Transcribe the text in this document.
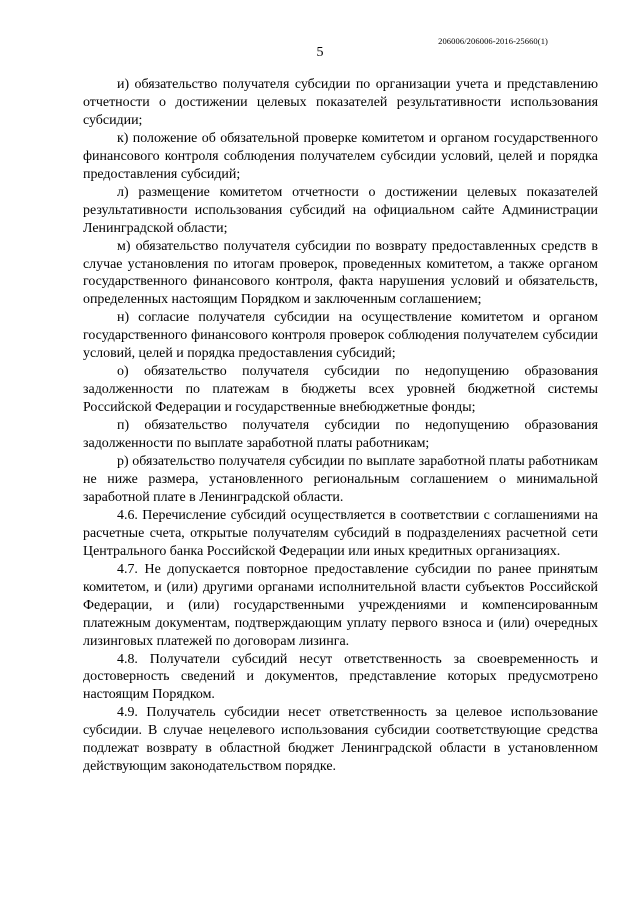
206006/206006-2016-25660(1)
5

и) обязательство получателя субсидии по организации учета и представлению отчетности о достижении целевых показателей результативности использования субсидии;

к) положение об обязательной проверке комитетом и органом государственного финансового контроля соблюдения получателем субсидии условий, целей и порядка предоставления субсидий;

л) размещение комитетом отчетности о достижении целевых показателей результативности использования субсидий на официальном сайте Администрации Ленинградской области;

м) обязательство получателя субсидии по возврату предоставленных средств в случае установления по итогам проверок, проведенных комитетом, а также органом государственного финансового контроля, факта нарушения условий и обязательств, определенных настоящим Порядком и заключенным соглашением;

н) согласие получателя субсидии на осуществление комитетом и органом государственного финансового контроля проверок соблюдения получателем субсидии условий, целей и порядка предоставления субсидий;

о) обязательство получателя субсидии по недопущению образования задолженности по платежам в бюджеты всех уровней бюджетной системы Российской Федерации и государственные внебюджетные фонды;

п) обязательство получателя субсидии по недопущению образования задолженности по выплате заработной платы работникам;

р) обязательство получателя субсидии по выплате заработной платы работникам не ниже размера, установленного региональным соглашением о минимальной заработной плате в Ленинградской области.

4.6. Перечисление субсидий осуществляется в соответствии с соглашениями на расчетные счета, открытые получателям субсидий в подразделениях расчетной сети Центрального банка Российской Федерации или иных кредитных организациях.

4.7. Не допускается повторное предоставление субсидии по ранее принятым комитетом, и (или) другими органами исполнительной власти субъектов Российской Федерации, и (или) государственными учреждениями и компенсированным платежным документам, подтверждающим уплату первого взноса и (или) очередных лизинговых платежей по договорам лизинга.

4.8. Получатели субсидий несут ответственность за своевременность и достоверность сведений и документов, представление которых предусмотрено настоящим Порядком.

4.9. Получатель субсидии несет ответственность за целевое использование субсидии. В случае нецелевого использования субсидии соответствующие средства подлежат возврату в областной бюджет Ленинградской области в установленном действующим законодательством порядке.
